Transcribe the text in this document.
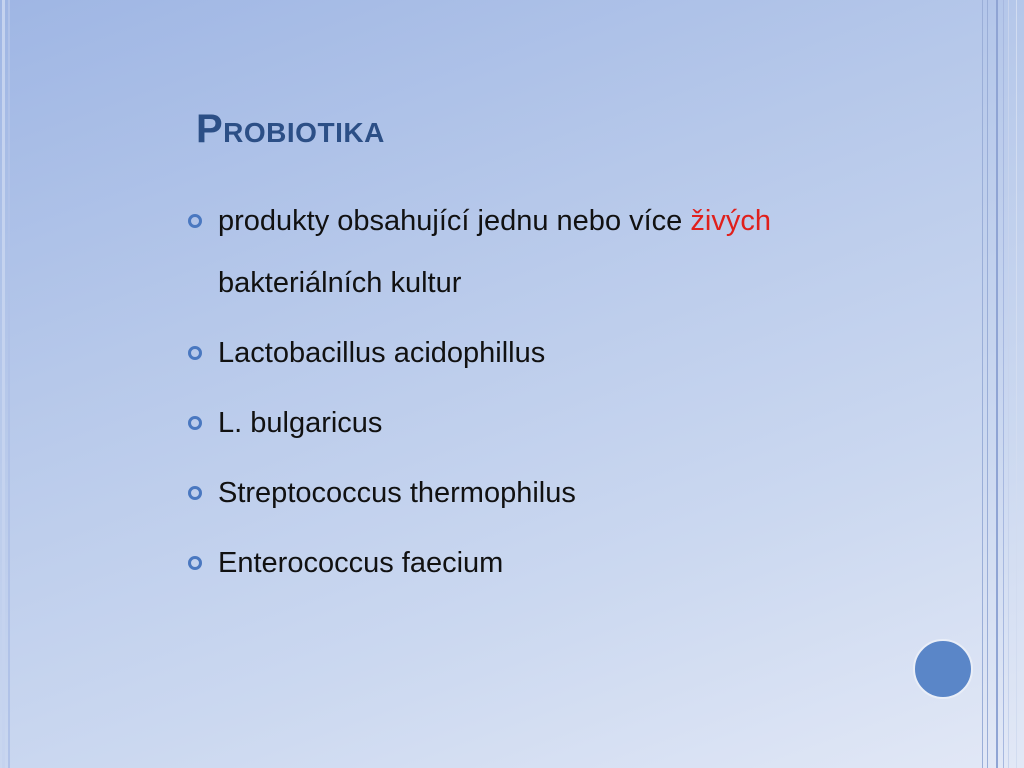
Probiotika
produkty obsahující jednu nebo více živých bakteriálních kultur
Lactobacillus acidophillus
L. bulgaricus
Streptococcus thermophilus
Enterococcus faecium
